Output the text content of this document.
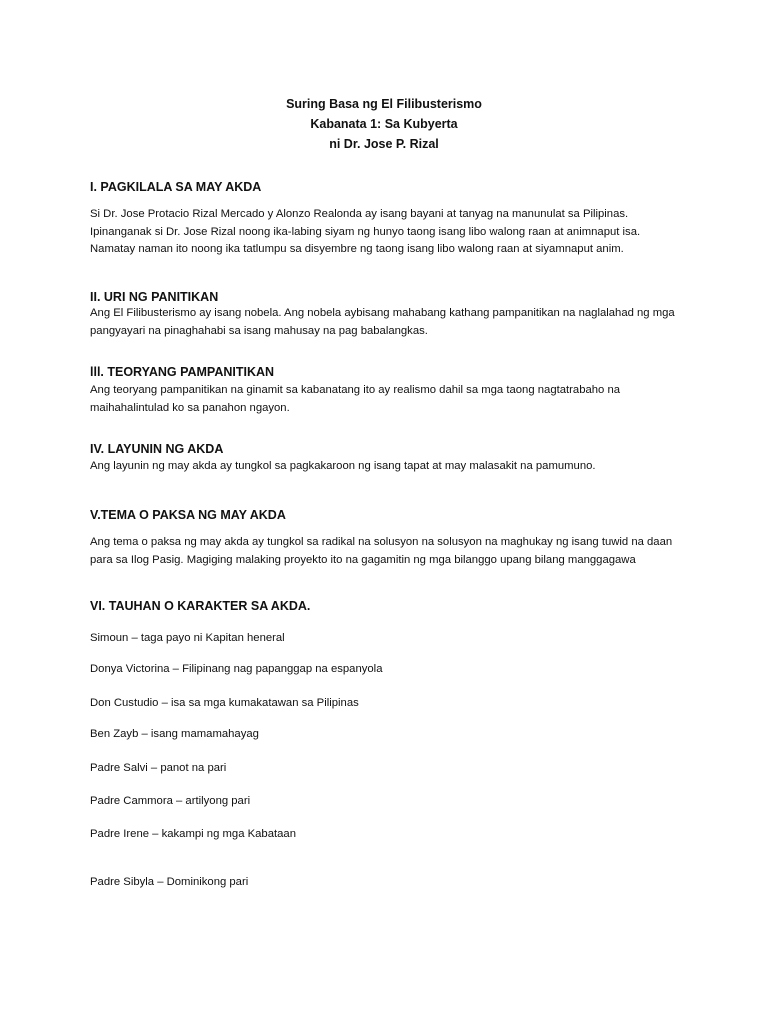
Suring Basa ng El Filibusterismo

Kabanata 1: Sa Kubyerta

ni Dr. Jose P. Rizal

I. PAGKILALA SA MAY AKDA

Si Dr. Jose Protacio Rizal Mercado y Alonzo Realonda ay isang bayani at tanyag na manunulat sa Pilipinas.

Ipinanganak si Dr. Jose Rizal noong ika-labing siyam ng hunyo taong isang libo walong raan at animnaput isa.

Namatay naman ito noong ika tatlumpu sa disyembre ng taong isang libo walong raan at siyamnaput anim.

II. URI NG PANITIKAN

Ang El Filibusterismo ay isang nobela. Ang nobela aybisang mahabang kathang pampanitikan na naglalahad ng mga

pangyayari na pinaghahabi sa isang mahusay na pag babalangkas.

lll. TEORYANG PAMPANITIKAN

Ang teoryang pampanitikan na ginamit sa kabanatang ito ay realismo dahil sa mga taong nagtatrabaho na

maihahalintulad ko sa panahon ngayon.

IV. LAYUNIN NG AKDA

Ang layunin ng may akda ay tungkol sa pagkakaroon ng isang tapat at may malasakit na pamumuno.

V.TEMA O PAKSA NG MAY AKDA

Ang tema o paksa ng may akda ay tungkol sa radikal na solusyon na solusyon na maghukay ng isang tuwid na daan

para sa Ilog Pasig. Magiging malaking proyekto ito na gagamitin ng mga bilanggo upang bilang manggagawa

VI. TAUHAN O KARAKTER SA AKDA.

Simoun – taga payo ni Kapitan heneral

Donya Victorina – Filipinang nag papanggap na espanyola

Don Custudio – isa sa mga kumakatawan sa Pilipinas

Ben Zayb – isang mamamahayag

Padre Salvi – panot na pari

Padre Cammora – artilyong pari

Padre Irene – kakampi ng mga Kabataan

Padre Sibyla – Dominikong pari
